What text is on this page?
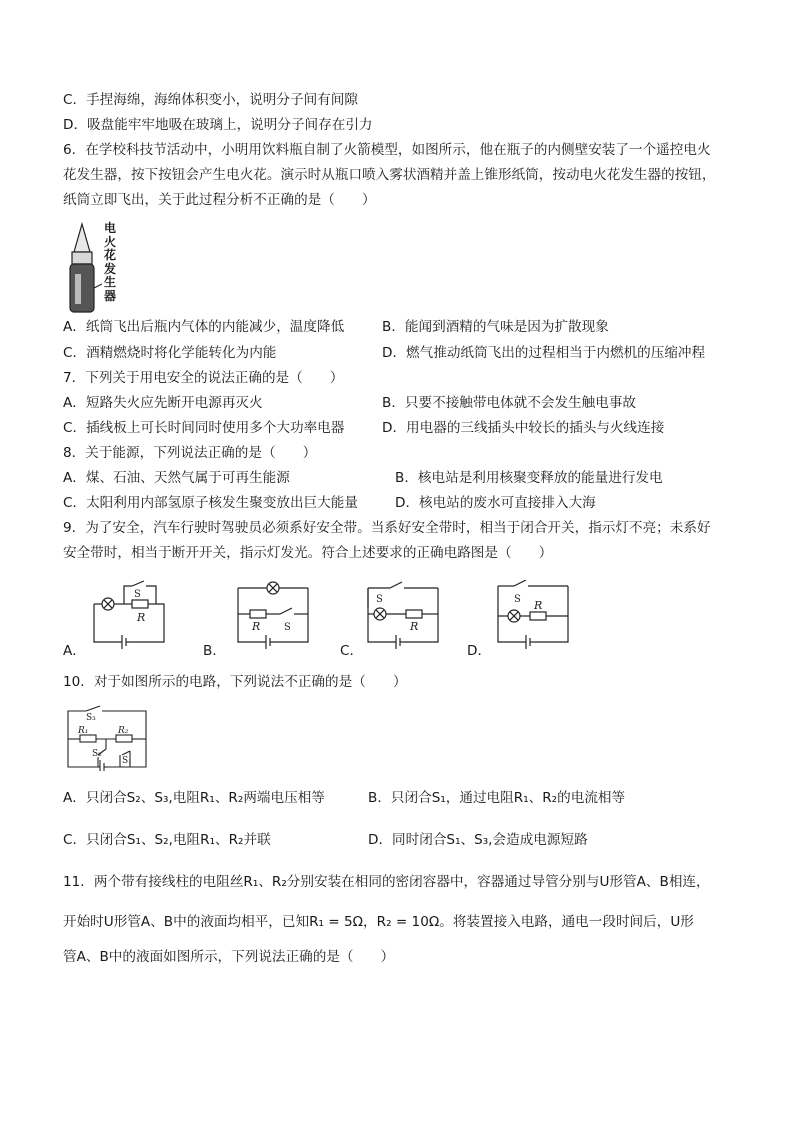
C．手捏海绵，海绵体积变小，说明分子间有间隙
D．吸盘能牢牢地吸在玻璃上，说明分子间存在引力
6．在学校科技节活动中，小明用饮料瓶自制了火箭模型，如图所示，他在瓶子的内侧壁安装了一个遥控电火
花发生器，按下按钮会产生电火花。演示时从瓶口喷入雾状酒精并盖上锥形纸筒，按动电火花发生器的按钮，
纸筒立即飞出，关于此过程分析不正确的是（　　）
电火花发生器
A．纸筒飞出后瓶内气体的内能减少，温度降低	B．能闻到酒精的气味是因为扩散现象
C．酒精燃烧时将化学能转化为内能	D．燃气推动纸筒飞出的过程相当于内燃机的压缩冲程
7．下列关于用电安全的说法正确的是（　　）
A．短路失火应先断开电源再灭火	B．只要不接触带电体就不会发生触电事故
C．插线板上可长时间同时使用多个大功率电器	D．用电器的三线插头中较长的插头与火线连接
8．关于能源，下列说法正确的是（　　）
A．煤、石油、天然气属于可再生能源	B．核电站是利用核聚变释放的能量进行发电
C．太阳利用内部氢原子核发生聚变放出巨大能量	D．核电站的废水可直接排入大海
9．为了安全，汽车行驶时驾驶员必须系好安全带。当系好安全带时，相当于闭合开关，指示灯不亮；未系好
安全带时，相当于断开开关，指示灯发光。符合上述要求的正确电路图是（　　）
A．
S
R
B．
R S
C．
S
R
D．
S R
10．对于如图所示的电路，下列说法不正确的是（　　）
S₃
R₁	R₂
S₂
S₁
A．只闭合S₂、S₃,电阻R₁、R₂两端电压相等	B．只闭合S₁，通过电阻R₁、R₂的电流相等
C．只闭合S₁、S₂,电阻R₁、R₂并联	D．同时闭合S₁、S₃,会造成电源短路
11．两个带有接线柱的电阻丝R₁、R₂分别安装在相同的密闭容器中，容器通过导管分别与U形管A、B相连，
开始时U形管A、B中的液面均相平，已知R₁ = 5Ω，R₂ = 10Ω。将装置接入电路，通电一段时间后，U形
管A、B中的液面如图所示，下列说法正确的是（　　）
